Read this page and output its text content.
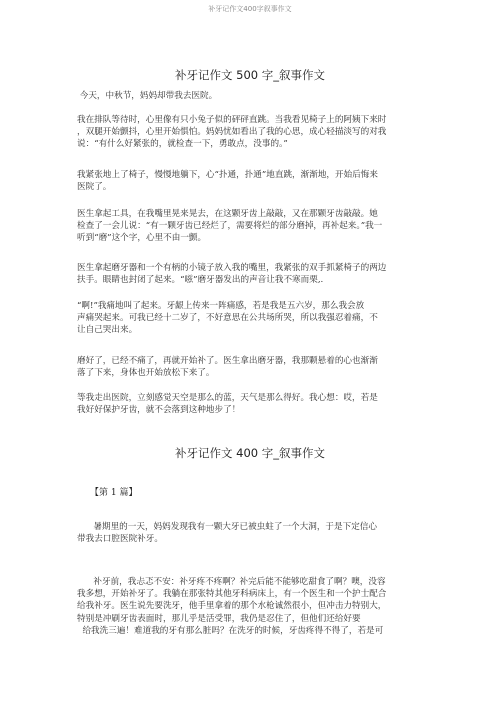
补牙记作文400字叙事作文
补牙记作文 500 字_叙事作文
今天，中秋节，妈妈却带我去医院。
我在排队等待时，心里像有只小兔子似的砰砰直跳。当我看见椅子上的阿姨下来时
，双腿开始颤抖，心里开始惧怕。妈妈忧如看出了我的心思，成心轻描淡写的对我
说：“有什么好紧张的，就检查一下，勇敢点，没事的。”
我紧张地上了椅子，慢慢地躺下，心“扑通，扑通”地直跳，渐渐地，开始后悔来
医院了。
医生拿起工具，在我嘴里晃来晃去，在这颗牙齿上敲敲，又在那颗牙齿敲敲。她
检查了一会儿说：“有一颗牙齿已经烂了，需要将烂的部分磨掉，再补起来。”我一
听到“磨”这个字，心里不由一颤。
医生拿起磨牙器和一个有柄的小镜子放入我的嘴里，我紧张的双手抓紧椅子的两边
扶手。眼睛也封闭了起来。“嗞”磨牙器发出的声音让我不寒而栗,.
“啊!”我痛地叫了起来。牙龈上传来一阵痛感，若是我是五六岁，那么我会放
声痛哭起来。可我已经十二岁了，不好意思在公共场所哭，所以我强忍着痛，不
让自己哭出来。
磨好了，已经不痛了，再就开始补了。医生拿出磨牙器，我那颗悬着的心也渐渐
落了下来，身体也开始放松下来了。
等我走出医院，立刻感觉天空是那么的蓝，天气是那么得好。我心想：哎，若是
我好好保护牙齿，就不会落到这种地步了！
补牙记作文 400 字_叙事作文
【第 1 篇】
暑期里的一天，妈妈发现我有一颗大牙已被虫蛀了一个大洞，于是下定信心
带我去口腔医院补牙。
补牙前，我忐忑不安：补牙疼不疼啊？补完后能不能够吃甜食了啊？噢，没容
我多想，开始补牙了。我躺在那张特其他牙科病床上，有一个医生和一个护士配合
给我补牙。医生说先要洗牙，他手里拿着的那个水枪诚然很小，但冲击力特别大，
特别是冲刷牙齿表面时，那儿乎是活受罪，我仍是忍住了，但他们还给好要
给我洗三遍！难道我的牙有那么脏吗？在洗牙的时候，牙齿疼得不得了，若是可
